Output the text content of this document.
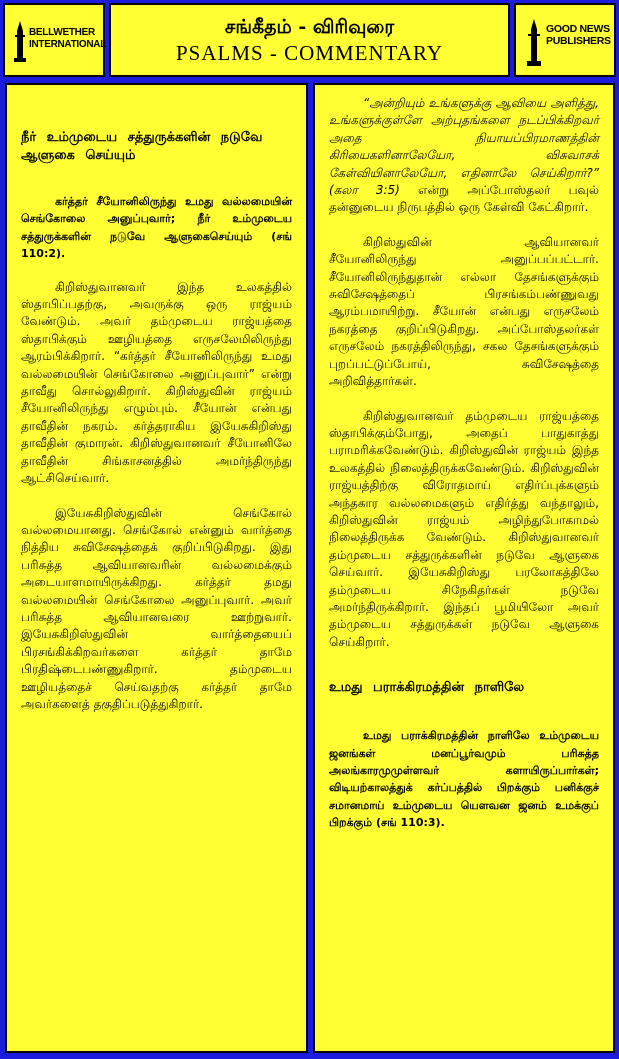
BELLWETHER
INTERNATIONAL
சங்கீதம் - விரிவுரை
PSALMS - COMMENTARY
GOOD NEWS
PUBLISHERS

நீர் உம்முடைய சத்துருக்களின் நடுவே ஆளுகை செய்யும்

கர்த்தர் சீயோனிலிருந்து உமது வல்லமையின் செங்கோலை அனுப்புவார்; நீர் உம்முடைய சத்துருக்களின் நடுவே ஆளுகைசெய்யும் (சங் 110:2).

கிறிஸ்துவானவர் இந்த உலகத்தில் ஸ்தாபிப்பதற்கு, அவருக்கு ஒரு ராஜ்யம் வேண்டும். அவர் தம்முடைய ராஜ்யத்தை ஸ்தாபிக்கும் ஊழியத்தை எருசலேமிலிருந்து ஆரம்பிக்கிறார். “கர்த்தர் சீயோனிலிருந்து உமது வல்லமையின் செங்கோலை அனுப்புவார்” என்று தாவீது சொல்லுகிறார். கிறிஸ்துவின் ராஜ்யம் சீயோனிலிருந்து எழும்பும். சீயோன் என்பது தாவீதின் நகரம். கர்த்தராகிய இயேசுகிறிஸ்து தாவீதின் குமாரன். கிறிஸ்துவானவர் சீயோனிலே தாவீதின் சிங்காசனத்தில் அமர்ந்திருந்து ஆட்சிசெய்வார்.

இயேசுகிறிஸ்துவின் செங்கோல் வல்லமையானது. செங்கோல் என்னும் வார்த்தை நித்திய சுவிசேஷத்தைக் குறிப்பிடுகிறது. இது பரிசுத்த ஆவியானவரின் வல்லமைக்கும் அடையாளமாயிருக்கிறது. கர்த்தர் தமது வல்லமையின் செங்கோலை அனுப்புவார். அவர் பரிசுத்த ஆவியானவரை ஊற்றுவார். இயேசுகிறிஸ்துவின் வார்த்தையைப் பிரசங்கிக்கிறவர்களை கர்த்தர் தாமே பிரதிஷ்டைபண்ணுகிறார். தம்முடைய ஊழியத்தைச் செய்வதற்கு கர்த்தர் தாமே அவர்களைத் தகுதிப்படுத்துகிறார்.

“அன்றியும் உங்களுக்கு ஆவியை அளித்து, உங்களுக்குள்ளே அற்புதங்களை நடப்பிக்கிறவர் அதை நியாயப்பிரமாணத்தின் கிரியைகளினாலேயோ, விசுவாசக் கேள்வியினாலேயோ, எதினாலே செய்கிறார்?” (கலா 3:5) என்று அப்போஸ்தலர் பவுல் தன்னுடைய நிருபத்தில் ஒரு கேள்வி கேட்கிறார்.

கிறிஸ்துவின் ஆவியானவர் சீயோனிலிருந்து அனுப்பப்பட்டார். சீயோனிலிருந்துதான் எல்லா தேசங்களுக்கும் சுவிசேஷத்தைப் பிரசங்கம்பண்ணுவது ஆரம்பமாயிற்று. சீயோன் என்பது எருசலேம் நகரத்தை குறிப்பிடுகிறது. அப்போஸ்தலர்கள் எருசலேம் நகரத்திலிருந்து, சகல தேசங்களுக்கும் புறப்பட்டுப்போய், சுவிசேஷத்தை அறிவித்தார்கள்.

கிறிஸ்துவானவர் தம்முடைய ராஜ்யத்தை ஸ்தாபிக்கும்போது, அதைப் பாதுகாத்து பராமரிக்கவேண்டும். கிறிஸ்துவின் ராஜ்யம் இந்த உலகத்தில் நிலைத்திருக்கவேண்டும். கிறிஸ்துவின் ராஜ்யத்திற்கு விரோதமாய் எதிர்ப்புக்களும் அந்தகார வல்லமைகளும் எதிர்த்து வந்தாலும், கிறிஸ்துவின் ராஜ்யம் அழிந்துபோகாமல் நிலைத்திருக்க வேண்டும். கிறிஸ்துவானவர் தம்முடைய சத்துருக்களின் நடுவே ஆளுகை செய்வார். இயேசுகிறிஸ்து பரலோகத்திலே தம்முடைய சிநேகிதர்கள் நடுவே அமர்ந்திருக்கிறார். இந்தப் பூமியிலோ அவர் தம்முடைய சத்துருக்கள் நடுவே ஆளுகை செய்கிறார்.

உமது பராக்கிரமத்தின் நாளிலே

உமது பராக்கிரமத்தின் நாளிலே உம்முடைய ஜனங்கள் மனப்பூர்வமும் பரிசுத்த அலங்காரமுமுள்ளவர் களாயிருப்பார்கள்; விடியற்காலத்துக் கர்ப்பத்தில் பிறக்கும் பனிக்குச் சமானமாய் உம்முடைய யௌவன ஜனம் உமக்குப் பிறக்கும் (சங் 110:3).
